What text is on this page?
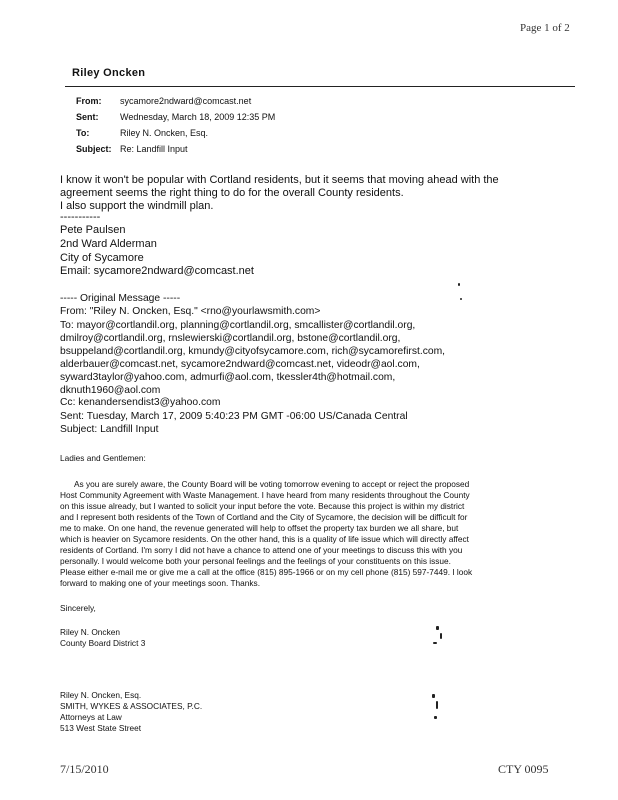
Page 1 of 2
Riley Oncken
From: sycamore2ndward@comcast.net
Sent: Wednesday, March 18, 2009 12:35 PM
To:	Riley N. Oncken, Esq.
Subject: Re: Landfill Input
I know it won't be popular with Cortland residents, but it seems that moving ahead with the
agreement seems the right thing to do for the overall County residents.
I also support the windmill plan.
-----------
Pete Paulsen
2nd Ward Alderman
City of Sycamore
Email: sycamore2ndward@comcast.net
----- Original Message -----
From: "Riley N. Oncken, Esq." <rno@yourlawsmith.com>
To: mayor@cortlandil.org, planning@cortlandil.org, smcallister@cortlandil.org,
dmilroy@cortlandil.org, rnslewierski@cortlandil.org, bstone@cortlandil.org,
bsuppeland@cortlandil.org, kmundy@cityofsycamore.com, rich@sycamorefirst.com,
alderbauer@comcast.net, sycamore2ndward@comcast.net, videodr@aol.com,
syward3taylor@yahoo.com, admurfi@aol.com, tkessler4th@hotmail.com,
dknuth1960@aol.com
Cc: kenandersendist3@yahoo.com
Sent: Tuesday, March 17, 2009 5:40:23 PM GMT -06:00 US/Canada Central
Subject: Landfill Input
Ladies and Gentlemen:
As you are surely aware, the County Board will be voting tomorrow evening to accept or reject the proposed
Host Community Agreement with Waste Management. I have heard from many residents throughout the County
on this issue already, but I wanted to solicit your input before the vote. Because this project is within my district
and I represent both residents of the Town of Cortland and the City of Sycamore, the decision will be difficult for
me to make. On one hand, the revenue generated will help to offset the property tax burden we all share, but
which is heavier on Sycamore residents. On the other hand, this is a quality of life issue which will directly affect
residents of Cortland. I'm sorry I did not have a chance to attend one of your meetings to discuss this with you
personally. I would welcome both your personal feelings and the feelings of your constituents on this issue.
Please either e-mail me or give me a call at the office (815) 895-1966 or on my cell phone (815) 597-7449. I look
forward to making one of your meetings soon. Thanks.
Sincerely,
Riley N. Oncken
County Board District 3
Riley N. Oncken, Esq.
SMITH, WYKES & ASSOCIATES, P.C.
Attorneys at Law
513 West State Street
7/15/2010	CTY 0095
